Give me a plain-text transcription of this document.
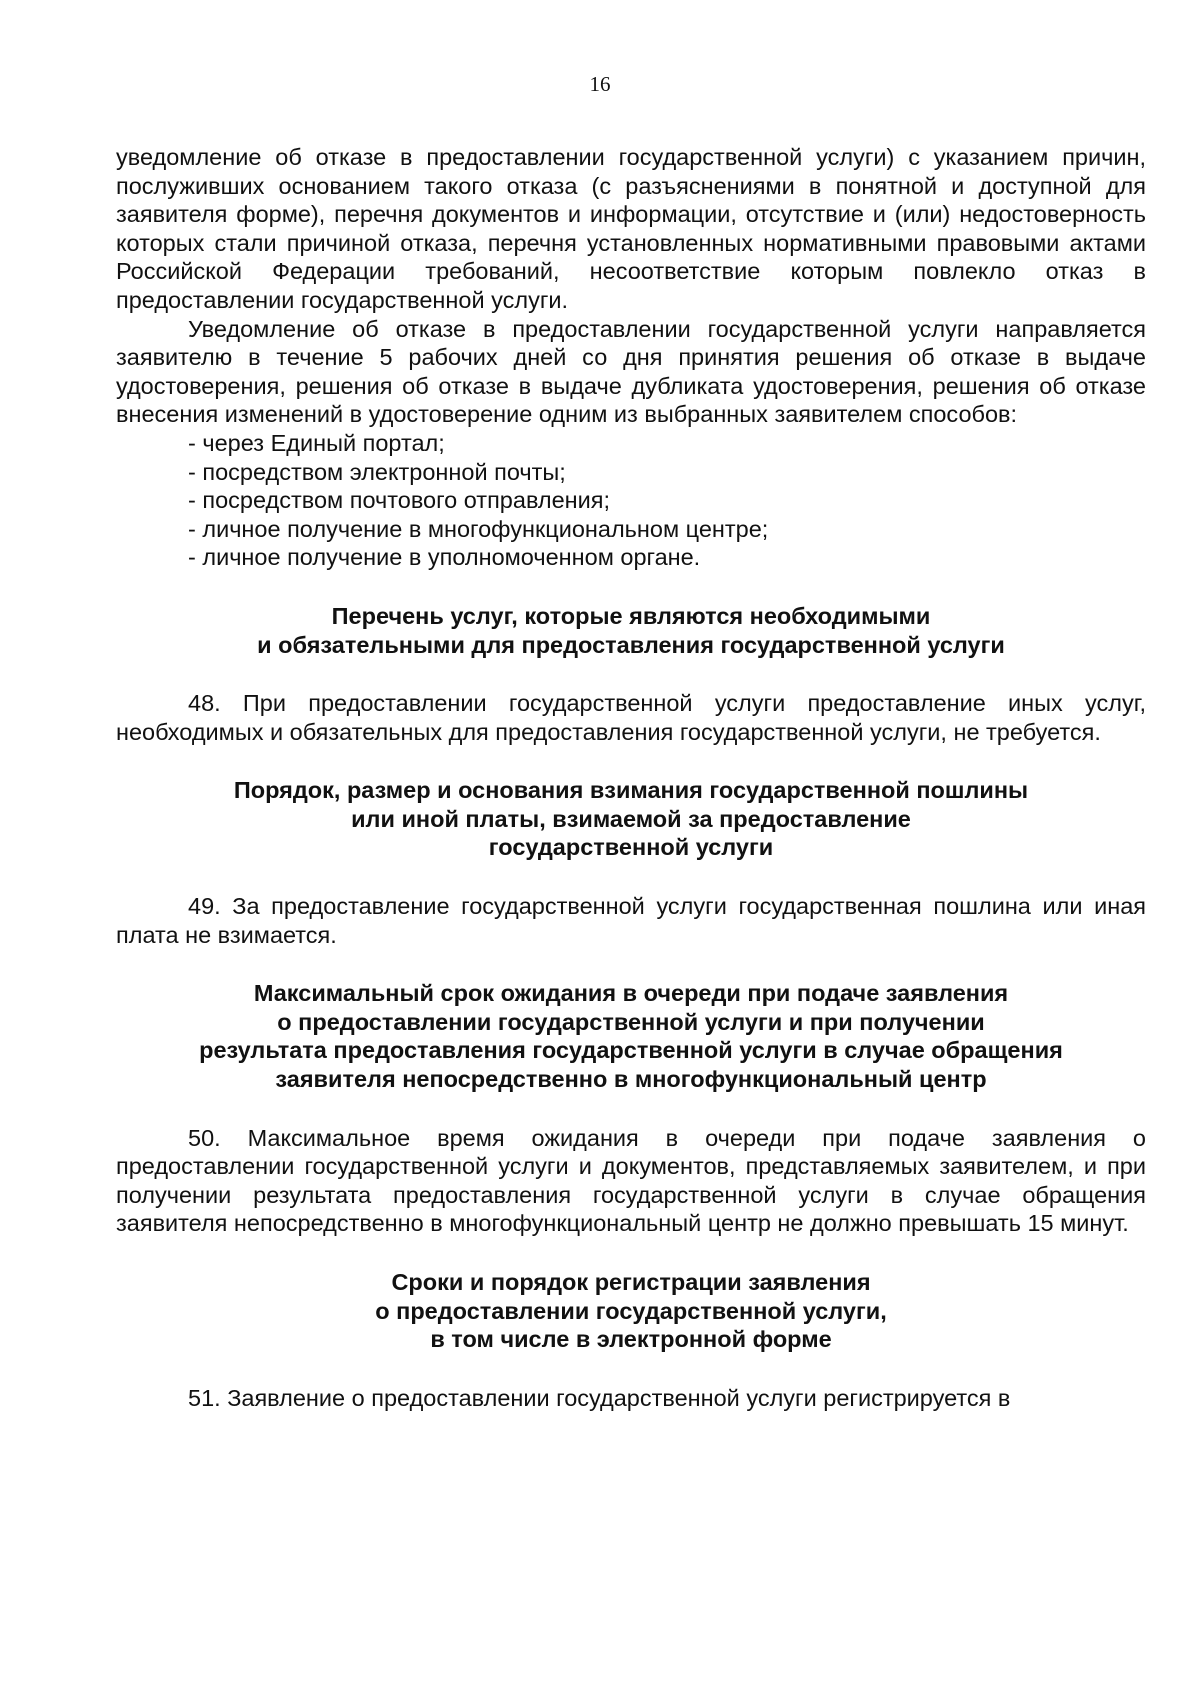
16

уведомление об отказе в предоставлении государственной услуги) с указанием причин, послуживших основанием такого отказа (с разъяснениями в понятной и доступной для заявителя форме), перечня документов и информации, отсутствие и (или) недостоверность которых стали причиной отказа, перечня установленных нормативными правовыми актами Российской Федерации требований, несоответствие которым повлекло отказ в предоставлении государственной услуги.

Уведомление об отказе в предоставлении государственной услуги направляется заявителю в течение 5 рабочих дней со дня принятия решения об отказе в выдаче удостоверения, решения об отказе в выдаче дубликата удостоверения, решения об отказе внесения изменений в удостоверение одним из выбранных заявителем способов:

- через Единый портал;

- посредством электронной почты;

- посредством почтового отправления;

- личное получение в многофункциональном центре;

- личное получение в уполномоченном органе.

Перечень услуг, которые являются необходимыми
и обязательными для предоставления государственной услуги

48. При предоставлении государственной услуги предоставление иных услуг, необходимых и обязательных для предоставления государственной услуги, не требуется.

Порядок, размер и основания взимания государственной пошлины
или иной платы, взимаемой за предоставление
государственной услуги

49. За предоставление государственной услуги государственная пошлина или иная плата не взимается.

Максимальный срок ожидания в очереди при подаче заявления
о предоставлении государственной услуги и при получении
результата предоставления государственной услуги в случае обращения
заявителя непосредственно в многофункциональный центр

50. Максимальное время ожидания в очереди при подаче заявления о предоставлении государственной услуги и документов, представляемых заявителем, и при получении результата предоставления государственной услуги в случае обращения заявителя непосредственно в многофункциональный центр не должно превышать 15 минут.

Сроки и порядок регистрации заявления
о предоставлении государственной услуги,
в том числе в электронной форме

51. Заявление о предоставлении государственной услуги регистрируется в
